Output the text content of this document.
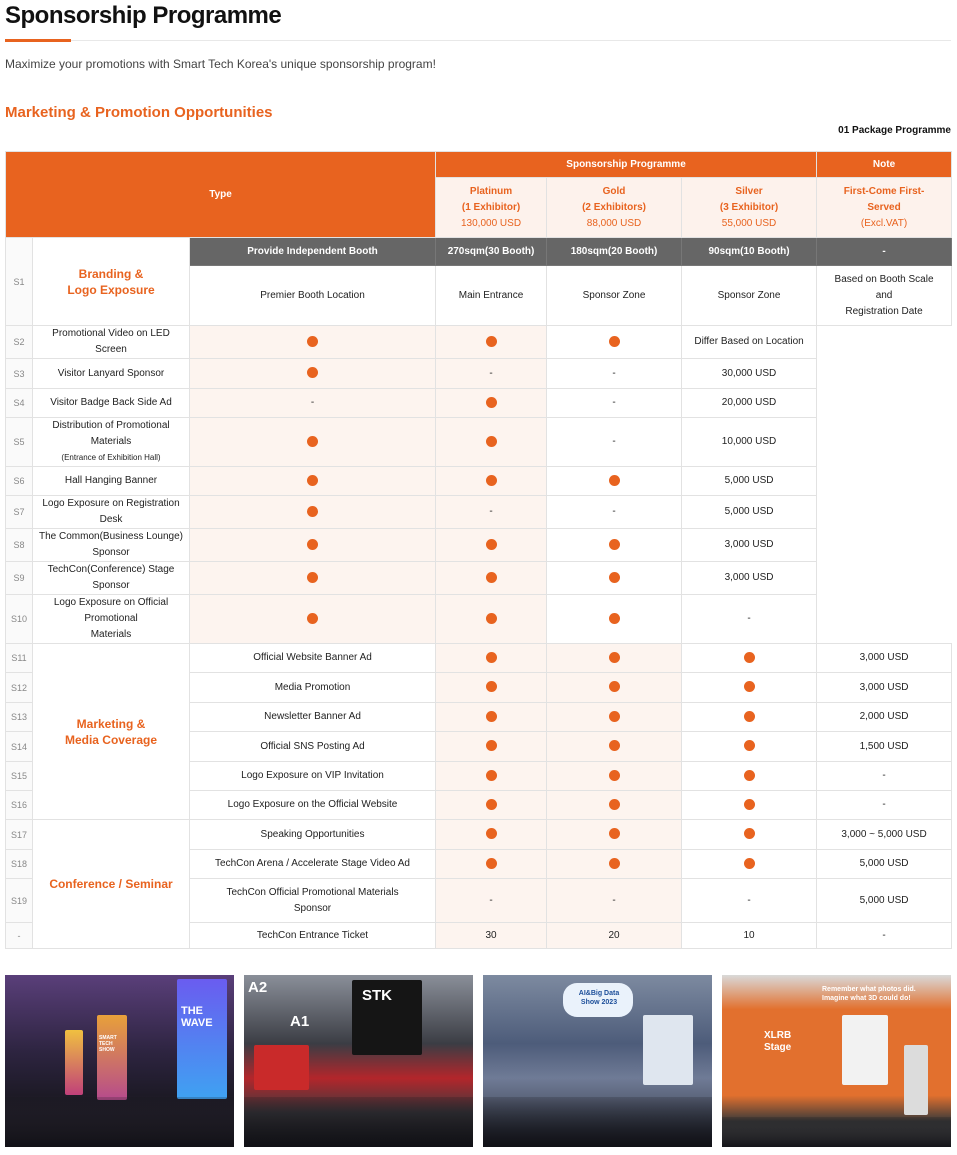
Sponsorship Programme
Maximize your promotions with Smart Tech Korea's unique sponsorship program!
Marketing & Promotion Opportunities
01 Package Programme
Type			Sponsorship Programme			Note
			Platinum
(1 Exhibitor)
130,000 USD	Gold
(2 Exhibitors)
88,000 USD	Silver
(3 Exhibitor)
55,000 USD	First-Come First-
Served
(Excl.VAT)
S1	Branding &
Logo Exposure	Provide Independent Booth	270sqm(30 Booth)	180sqm(20 Booth)	90sqm(10 Booth)	-
		Premier Booth Location	Main Entrance	Sponsor Zone	Sponsor Zone	Based on Booth Scale
and
Registration Date
S2	Promotional Video on LED Screen				Differ Based on Location	
S3	Visitor Lanyard Sponsor		-	-	30,000 USD	
S4	Visitor Badge Back Side Ad	-		-	20,000 USD	
S5	Distribution of Promotional Materials
(Entrance of Exhibition Hall)			-	10,000 USD	
S6	Hall Hanging Banner				5,000 USD	
S7	Logo Exposure on Registration Desk		-	-	5,000 USD	
S8	The Common(Business Lounge) Sponsor				3,000 USD	
S9	TechCon(Conference) Stage Sponsor				3,000 USD	
S10	Logo Exposure on Official Promotional
Materials				-	
S11	Marketing &
Media Coverage	Official Website Banner Ad				3,000 USD
S12		Media Promotion				3,000 USD
S13		Newsletter Banner Ad				2,000 USD
S14		Official SNS Posting Ad				1,500 USD
S15		Logo Exposure on VIP Invitation				-
S16		Logo Exposure on the Official Website				-
S17	Conference / Seminar	Speaking Opportunities				3,000 ~ 5,000 USD
S18		TechCon Arena / Accelerate Stage Video Ad				5,000 USD
S19		TechCon Official Promotional Materials
Sponsor	-	-	-	5,000 USD
-		TechCon Entrance Ticket	30	20	10	-
THE WAVE
SMART TECH SHOW
STK
A1
A2	AI&Big Data Show 2023
XLRB Stage
Remember what photos did. Imagine what 3D could do!
